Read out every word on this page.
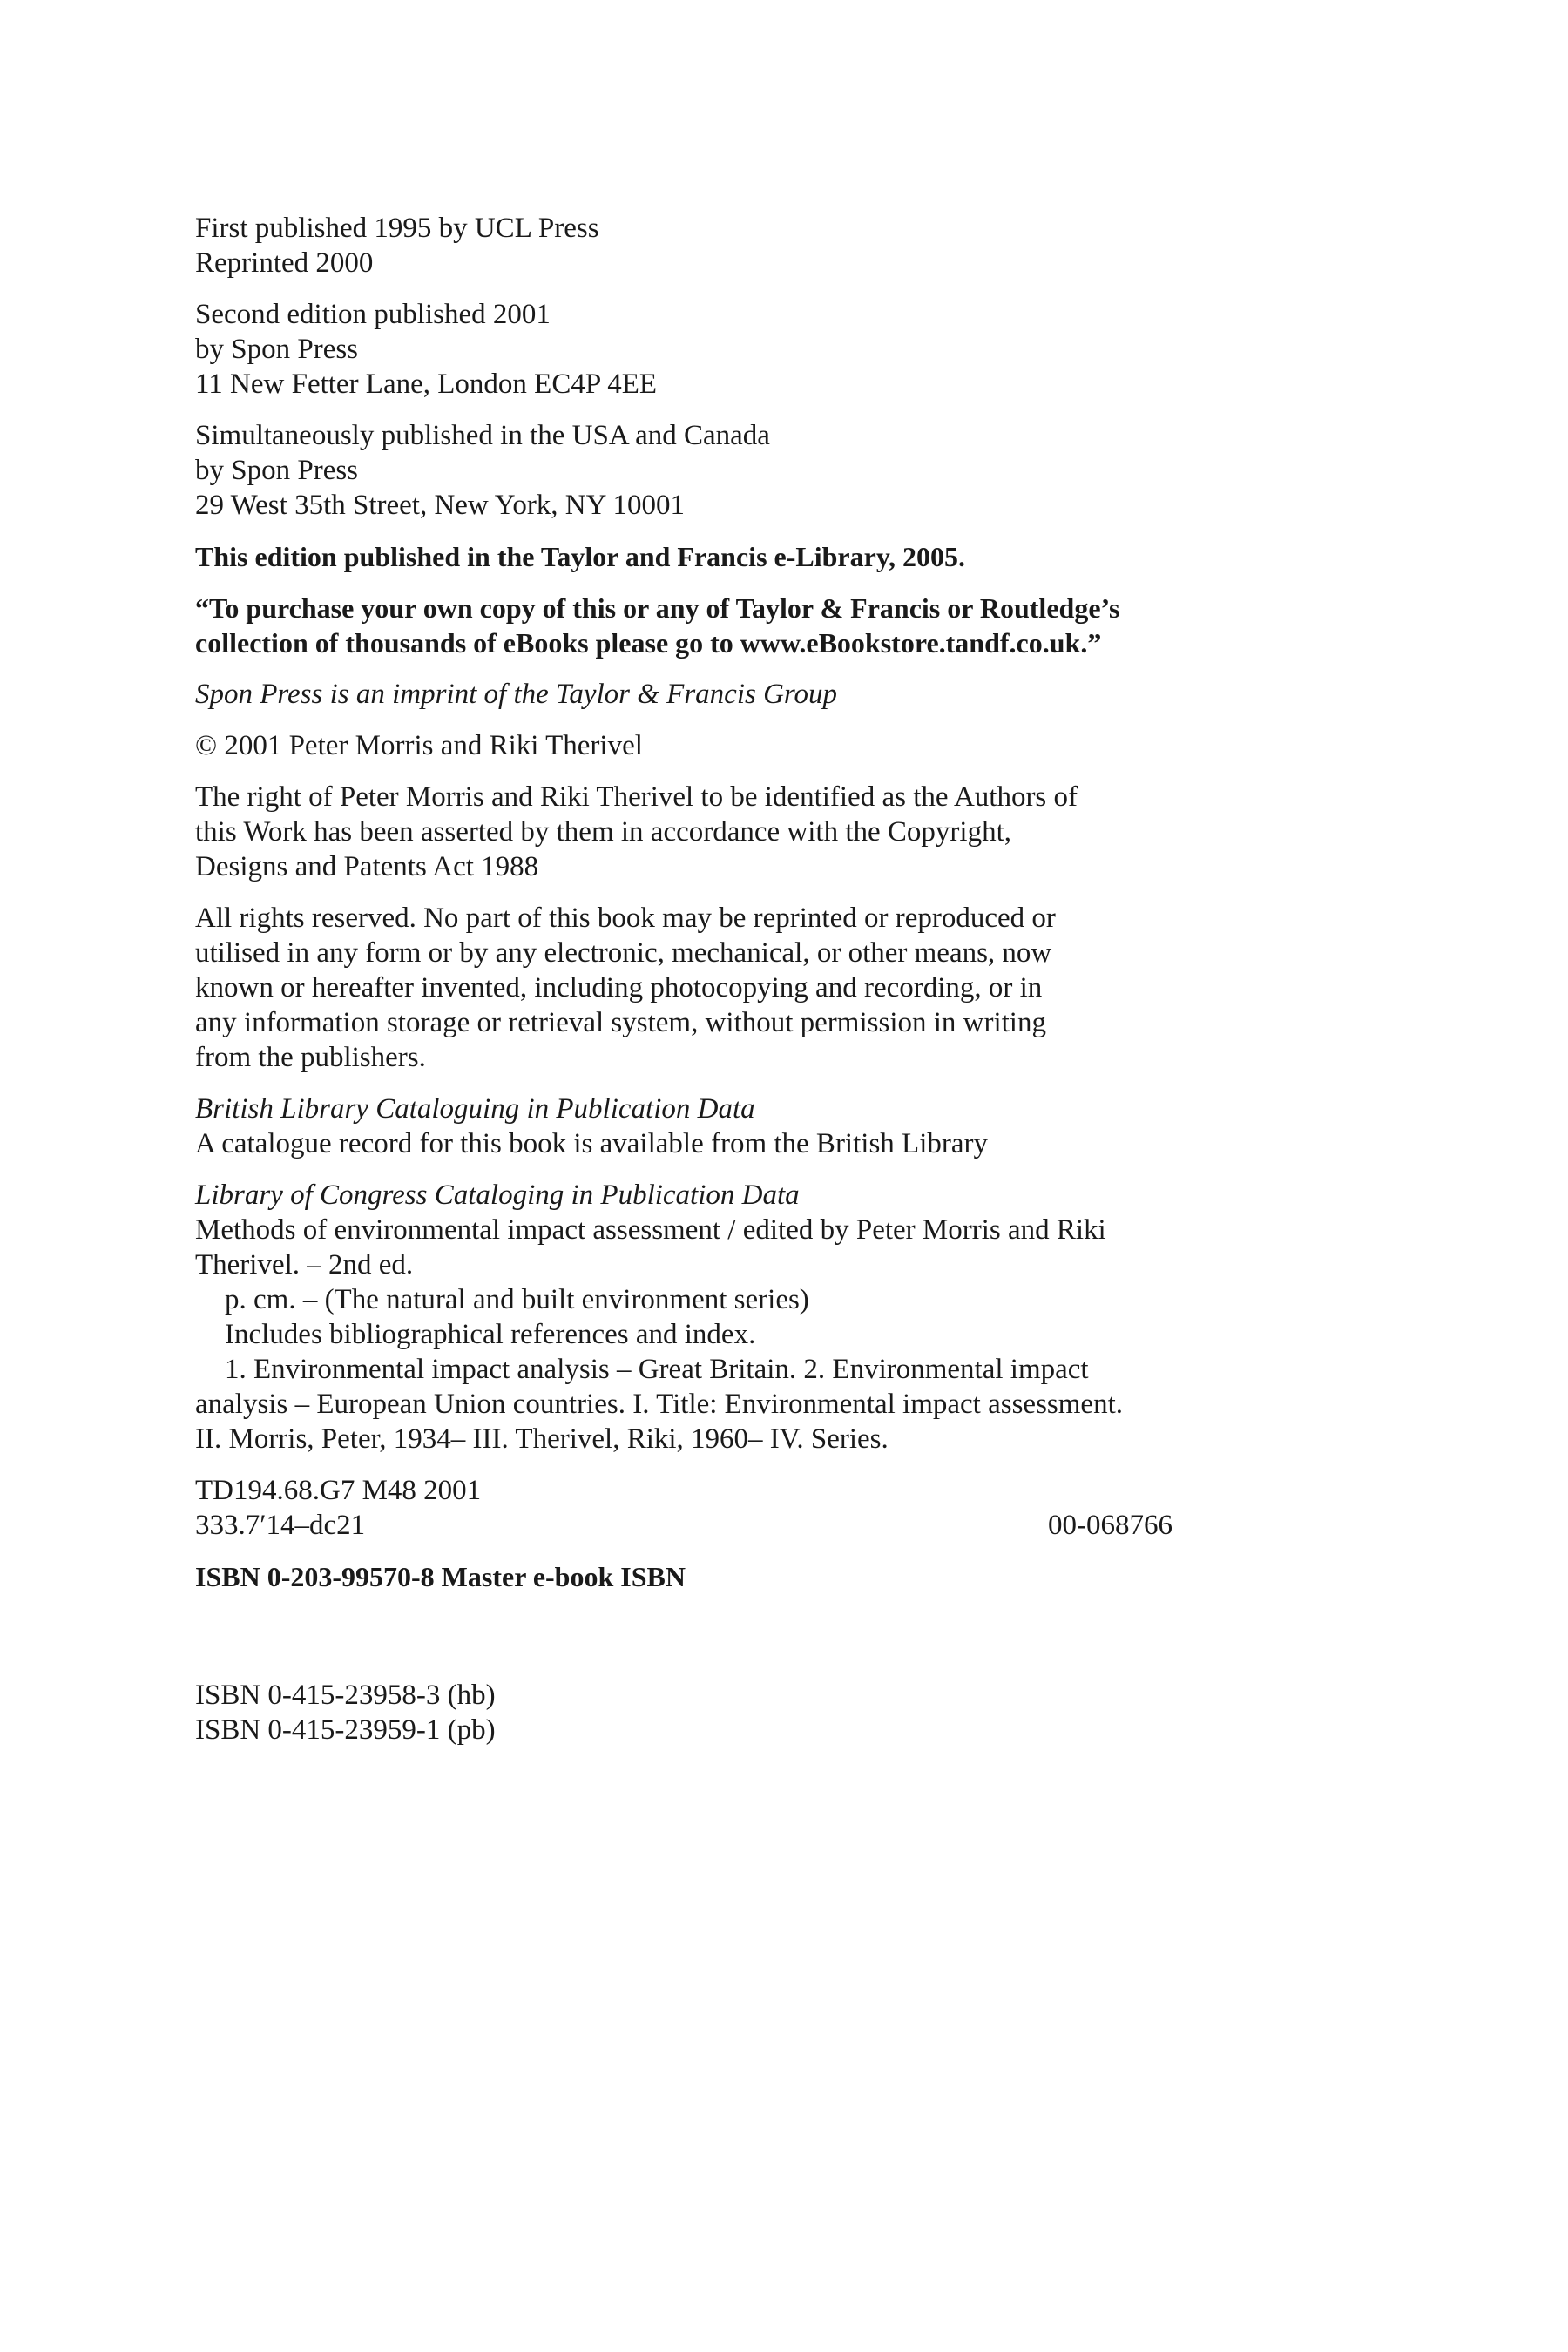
First published 1995 by UCL Press
Reprinted 2000
Second edition published 2001
by Spon Press
11 New Fetter Lane, London EC4P 4EE
Simultaneously published in the USA and Canada
by Spon Press
29 West 35th Street, New York, NY 10001
This edition published in the Taylor and Francis e-Library, 2005.
“To purchase your own copy of this or any of Taylor & Francis or Routledge’s
collection of thousands of eBooks please go to www.eBookstore.tandf.co.uk.”
Spon Press is an imprint of the Taylor & Francis Group
© 2001 Peter Morris and Riki Therivel
The right of Peter Morris and Riki Therivel to be identified as the Authors of
this Work has been asserted by them in accordance with the Copyright,
Designs and Patents Act 1988
All rights reserved. No part of this book may be reprinted or reproduced or
utilised in any form or by any electronic, mechanical, or other means, now
known or hereafter invented, including photocopying and recording, or in
any information storage or retrieval system, without permission in writing
from the publishers.
British Library Cataloguing in Publication Data
A catalogue record for this book is available from the British Library
Library of Congress Cataloging in Publication Data
Methods of environmental impact assessment / edited by Peter Morris and Riki
Therivel. – 2nd ed.
p. cm. – (The natural and built environment series)
Includes bibliographical references and index.
1. Environmental impact analysis – Great Britain. 2. Environmental impact
analysis – European Union countries. I. Title: Environmental impact assessment.
II. Morris, Peter, 1934– III. Therivel, Riki, 1960– IV. Series.
TD194.68.G7 M48 2001
333.7′14–dc21	00-068766
ISBN 0-203-99570-8 Master e-book ISBN
ISBN 0-415-23958-3 (hb)
ISBN 0-415-23959-1 (pb)
